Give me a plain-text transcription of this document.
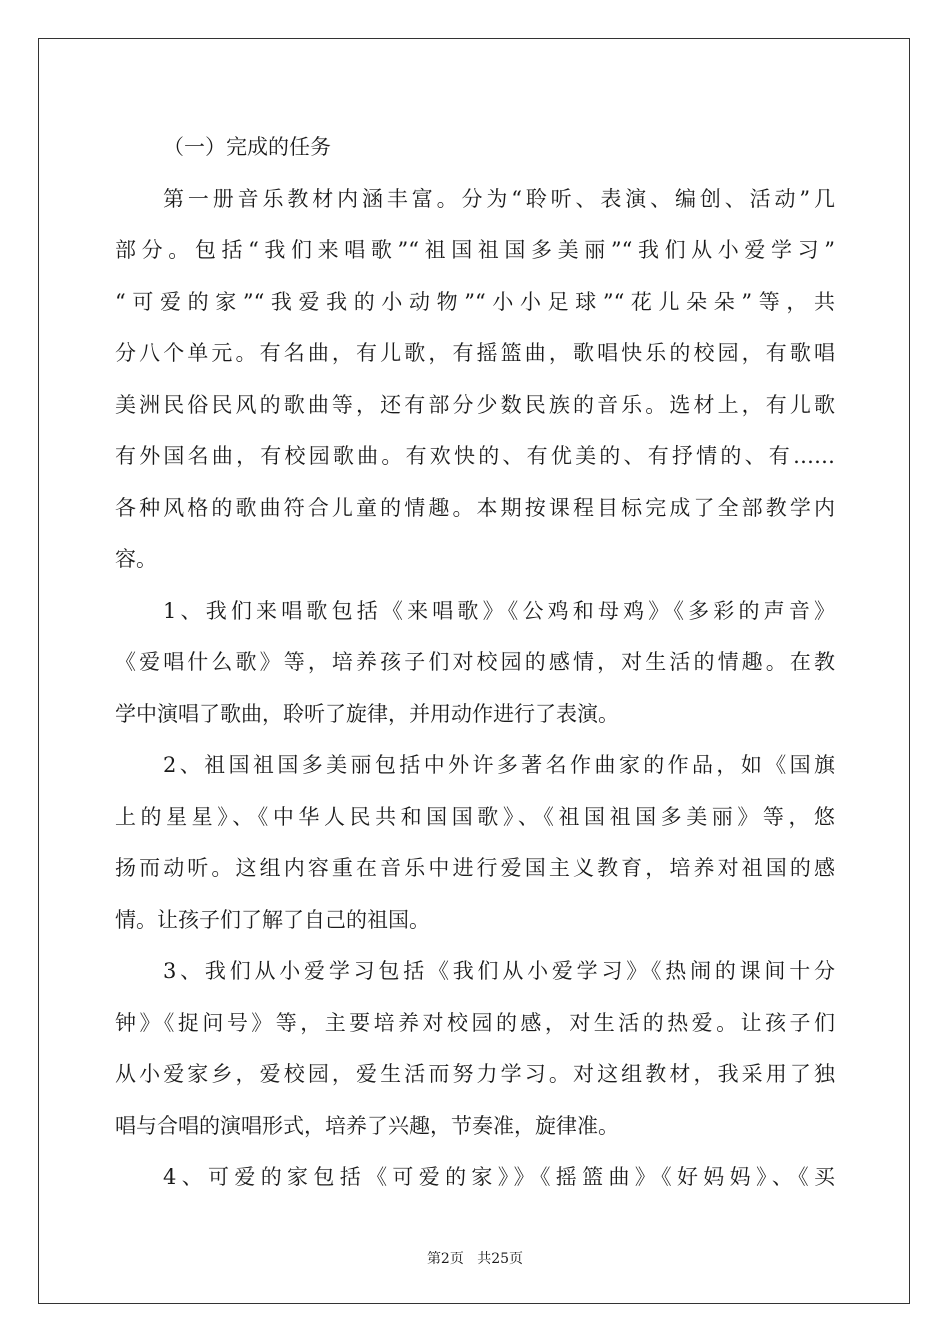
（一）完成的任务
第一册音乐教材内涵丰富。分为“聆听、表演、编创、活动”几
部分。包括“我们来唱歌”“祖国祖国多美丽”“我们从小爱学习”
“可爱的家”“我爱我的小动物”“小小足球”“花儿朵朵”等，共
分八个单元。有名曲，有儿歌，有摇篮曲，歌唱快乐的校园，有歌唱
美洲民俗民风的歌曲等，还有部分少数民族的音乐。选材上，有儿歌
有外国名曲，有校园歌曲。有欢快的、有优美的、有抒情的、有……
各种风格的歌曲符合儿童的情趣。本期按课程目标完成了全部教学内
容。
1、我们来唱歌包括《来唱歌》《公鸡和母鸡》《多彩的声音》
《爱唱什么歌》等，培养孩子们对校园的感情，对生活的情趣。在教
学中演唱了歌曲，聆听了旋律，并用动作进行了表演。
2、祖国祖国多美丽包括中外许多著名作曲家的作品，如《国旗
上的星星》、《中华人民共和国国歌》、《祖国祖国多美丽》等，悠
扬而动听。这组内容重在音乐中进行爱国主义教育，培养对祖国的感
情。让孩子们了解了自己的祖国。
3、我们从小爱学习包括《我们从小爱学习》《热闹的课间十分
钟》《捉问号》等，主要培养对校园的感，对生活的热爱。让孩子们
从小爱家乡，爱校园，爱生活而努力学习。对这组教材，我采用了独
唱与合唱的演唱形式，培养了兴趣，节奏准，旋律准。
4、可爱的家包括《可爱的家》》《摇篮曲》《好妈妈》、《买
第2页 共25页
